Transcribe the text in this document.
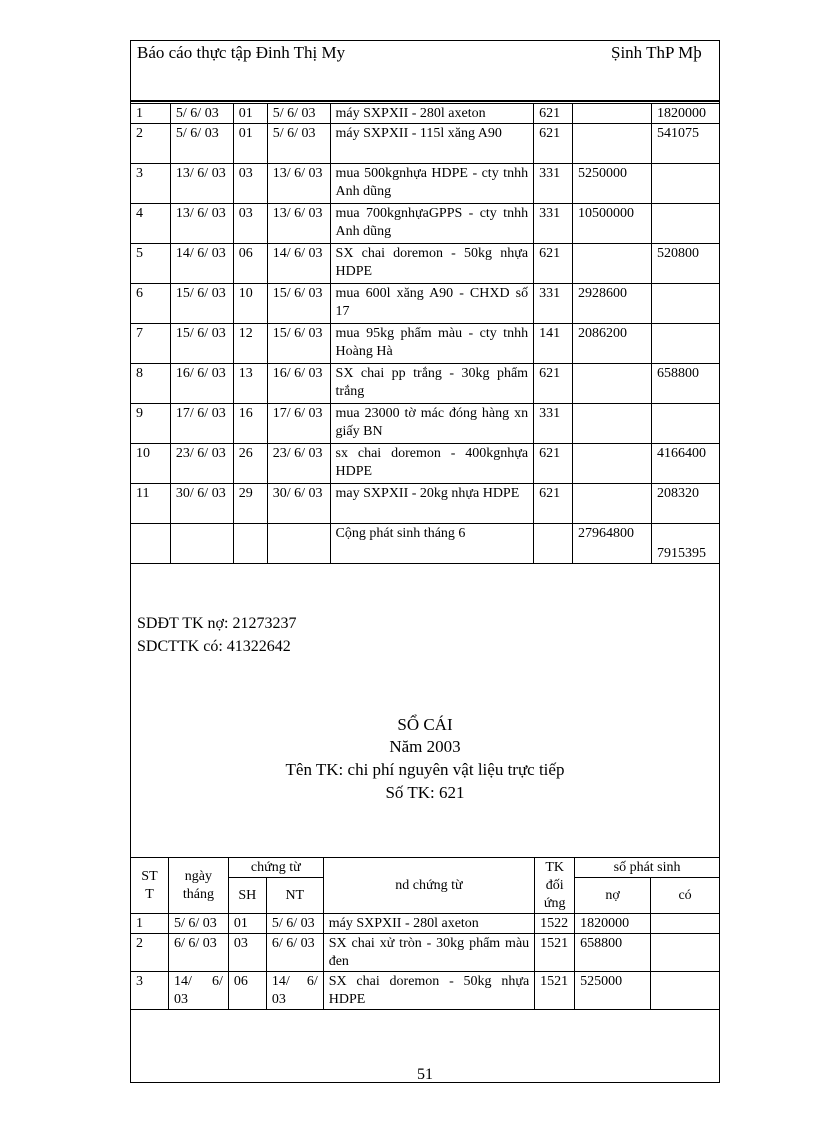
Báo cáo thực tập Đinh Thị My	Ṣinh ThP Mþ
1	5/ 6/ 03	01	5/ 6/ 03	máy SXPXII - 280l axeton	621		1820000
2	5/ 6/ 03	01	5/ 6/ 03	máy SXPXII - 115l xăng A90	621		541075
3	13/ 6/ 03	03	13/ 6/ 03	mua 500kgnhựa HDPE - cty tnhh Anh dũng	331	5250000	
4	13/ 6/ 03	03	13/ 6/ 03	mua 700kgnhựaGPPS - cty tnhh Anh dũng	331	10500000	
5	14/ 6/ 03	06	14/ 6/ 03	SX chai doremon - 50kg nhựa HDPE	621		520800
6	15/ 6/ 03	10	15/ 6/ 03	mua 600l xăng A90 - CHXD số 17	331	2928600	
7	15/ 6/ 03	12	15/ 6/ 03	mua 95kg phẩm màu - cty tnhh Hoàng Hà	141	2086200	
8	16/ 6/ 03	13	16/ 6/ 03	SX chai pp trắng - 30kg phẩm trắng	621		658800
9	17/ 6/ 03	16	17/ 6/ 03	mua 23000 tờ mác đóng hàng xn giấy BN	331		
10	23/ 6/ 03	26	23/ 6/ 03	sx chai doremon - 400kgnhựa HDPE	621		4166400
11	30/ 6/ 03	29	30/ 6/ 03	may SXPXII - 20kg nhựa HDPE	621		208320
				Cộng phát sinh tháng 6		27964800	7915395
SDĐT TK nợ: 21273237
SDCTTK có: 41322642
SỔ CÁI
Năm 2003
Tên TK: chi phí nguyên vật liệu trực tiếp
Số TK: 621
ST T	ngày tháng	chứng từ		nd chứng từ	TK đối ứng	số phát sinh	
		SH	NT			nợ	có
1	5/ 6/ 03	01	5/ 6/ 03	máy SXPXII - 280l axeton	1522	1820000	
2	6/ 6/ 03	03	6/ 6/ 03	SX chai xử tròn - 30kg phẩm màu đen	1521	658800	
3	14/ 6/ 03	06	14/ 6/ 03	SX chai doremon - 50kg nhựa HDPE	1521	525000	
51
